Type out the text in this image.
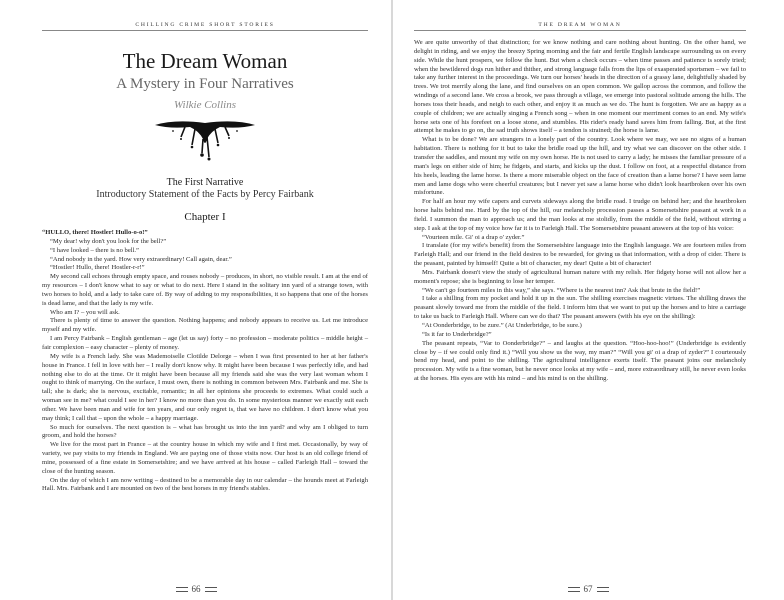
CHILLING CRIME SHORT STORIES
The Dream Woman
A Mystery in Four Narratives
Wilkie Collins
The First Narrative
Introductory Statement of the Facts by Percy Fairbank
Chapter I

“HULLO, there! Hostler! Hullo-o-o!”

“My dear! why don't you look for the bell?”

“I have looked – there is no bell.”

“And nobody in the yard. How very extraordinary! Call again, dear.”

“Hostler! Hullo, there! Hostler-r-r!”

My second call echoes through empty space, and rouses nobody – produces, in short, no visible result. I am at the end of my resources – I don't know what to say or what to do next. Here I stand in the solitary inn yard of a strange town, with two horses to hold, and a lady to take care of. By way of adding to my responsibilities, it so happens that one of the horses is dead lame, and that the lady is my wife.

Who am I? – you will ask.

There is plenty of time to answer the question. Nothing happens; and nobody appears to receive us. Let me introduce myself and my wife.

I am Percy Fairbank – English gentleman – age (let us say) forty – no profession – moderate politics – middle height – fair complexion – easy character – plenty of money.

My wife is a French lady. She was Mademoiselle Clotilde Delorge – when I was first presented to her at her father's house in France. I fell in love with her – I really don't know why. It might have been because I was perfectly idle, and had nothing else to do at the time. Or it might have been because all my friends said she was the very last woman whom I ought to think of marrying. On the surface, I must own, there is nothing in common between Mrs. Fairbank and me. She is tall; she is dark; she is nervous, excitable, romantic; in all her opinions she proceeds to extremes. What could such a woman see in me? what could I see in her? I know no more than you do. In some mysterious manner we exactly suit each other. We have been man and wife for ten years, and our only regret is, that we have no children. I don't know what you may think; I call that – upon the whole – a happy marriage.

So much for ourselves. The next question is – what has brought us into the inn yard? and why am I obliged to turn groom, and hold the horses?

We live for the most part in France – at the country house in which my wife and I first met. Occasionally, by way of variety, we pay visits to my friends in England. We are paying one of those visits now. Our host is an old college friend of mine, possessed of a fine estate in Somersetshire; and we have arrived at his house – called Farleigh Hall – toward the close of the hunting season.

On the day of which I am now writing – destined to be a memorable day in our calendar – the hounds meet at Farleigh Hall. Mrs. Fairbank and I are mounted on two of the best horses in my friend's stables.

66
THE DREAM WOMAN

We are quite unworthy of that distinction; for we know nothing and care nothing about hunting. On the other hand, we delight in riding, and we enjoy the breezy Spring morning and the fair and fertile English landscape surrounding us on every side. While the hunt prospers, we follow the hunt. But when a check occurs – when time passes and patience is sorely tried; when the bewildered dogs run hither and thither, and strong language falls from the lips of exasperated sportsmen – we fail to take any further interest in the proceedings. We turn our horses' heads in the direction of a grassy lane, delightfully shaded by trees. We trot merrily along the lane, and find ourselves on an open common. We gallop across the common, and follow the windings of a second lane. We cross a brook, we pass through a village, we emerge into pastoral solitude among the hills. The horses toss their heads, and neigh to each other, and enjoy it as much as we do. The hunt is forgotten. We are as happy as a couple of children; we are actually singing a French song – when in one moment our merriment comes to an end. My wife's horse sets one of his forefeet on a loose stone, and stumbles. His rider's ready hand saves him from falling. But, at the first attempt he makes to go on, the sad truth shows itself – a tendon is strained; the horse is lame.

What is to be done? We are strangers in a lonely part of the country. Look where we may, we see no signs of a human habitation. There is nothing for it but to take the bridle road up the hill, and try what we can discover on the other side. I transfer the saddles, and mount my wife on my own horse. He is not used to carry a lady; he misses the familiar pressure of a man's legs on either side of him; he fidgets, and starts, and kicks up the dust. I follow on foot, at a respectful distance from his heels, leading the lame horse. Is there a more miserable object on the face of creation than a lame horse? I have seen lame men and lame dogs who were cheerful creatures; but I never yet saw a lame horse who didn't look heartbroken over his own misfortune.

For half an hour my wife capers and curvets sideways along the bridle road. I trudge on behind her; and the heartbroken horse halts behind me. Hard by the top of the hill, our melancholy procession passes a Somersetshire peasant at work in a field. I summon the man to approach us; and the man looks at me stolidly, from the middle of the field, without stirring a step. I ask at the top of my voice how far it is to Farleigh Hall. The Somersetshire peasant answers at the top of his voice:

“Vourteen mile. Gi' oi a drap o' zyder.”

I translate (for my wife's benefit) from the Somersetshire language into the English language. We are fourteen miles from Farleigh Hall; and our friend in the field desires to be rewarded, for giving us that information, with a drop of cider. There is the peasant, painted by himself! Quite a bit of character, my dear! Quite a bit of character!

Mrs. Fairbank doesn't view the study of agricultural human nature with my relish. Her fidgety horse will not allow her a moment's repose; she is beginning to lose her temper.

“We can't go fourteen miles in this way,” she says. “Where is the nearest inn? Ask that brute in the field!”

I take a shilling from my pocket and hold it up in the sun. The shilling exercises magnetic virtues. The shilling draws the peasant slowly toward me from the middle of the field. I inform him that we want to put up the horses and to hire a carriage to take us back to Farleigh Hall. Where can we do that? The peasant answers (with his eye on the shilling):

“At Oonderbridge, to be zure.” (At Underbridge, to be sure.)

“Is it far to Underbridge?”

The peasant repeats, “Var to Oonderbridge?” – and laughs at the question. “Hoo-hoo-hoo!” (Underbridge is evidently close by – if we could only find it.) “Will you show us the way, my man?” “Will you gi' oi a drap of zyder?” I courteously bend my head, and point to the shilling. The agricultural intelligence exerts itself. The peasant joins our melancholy procession. My wife is a fine woman, but he never once looks at my wife – and, more extraordinary still, he never even looks at the horses. His eyes are with his mind – and his mind is on the shilling.

67
